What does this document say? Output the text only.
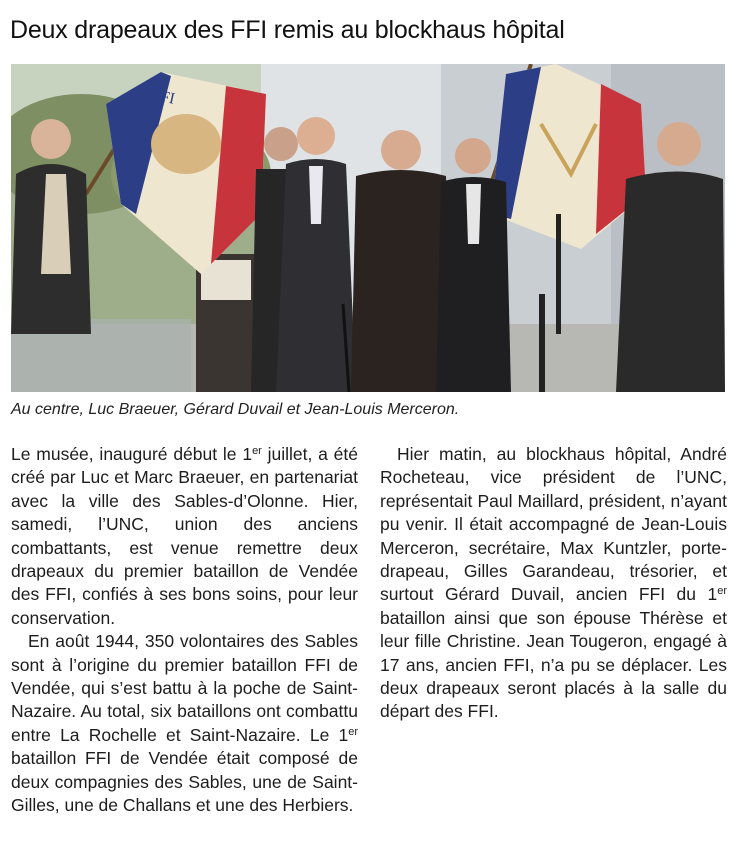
Deux drapeaux des FFI remis au blockhaus hôpital
FFI

Au centre, Luc Braeuer, Gérard Duvail et Jean-Louis Merceron.

Le musée, inauguré début le 1er juillet, a été créé par Luc et Marc Braeuer, en partenariat avec la ville des Sables-d’Olonne. Hier, samedi, l’UNC, union des anciens combattants, est venue remettre deux drapeaux du premier bataillon de Vendée des FFI, confiés à ses bons soins, pour leur conservation.

En août 1944, 350 volontaires des Sables sont à l’origine du premier bataillon FFI de Vendée, qui s’est battu à la poche de Saint-Nazaire. Au total, six bataillons ont combattu entre La Rochelle et Saint-Nazaire. Le 1er bataillon FFI de Vendée était composé de deux compagnies des Sables, une de Saint-Gilles, une de Challans et une des Herbiers.

Hier matin, au blockhaus hôpital, André Rocheteau, vice président de l’UNC, représentait Paul Maillard, président, n’ayant pu venir. Il était accompagné de Jean-Louis Merceron, secrétaire, Max Kuntzler, porte-drapeau, Gilles Garandeau, trésorier, et surtout Gérard Duvail, ancien FFI du 1er bataillon ainsi que son épouse Thérèse et leur fille Christine. Jean Tougeron, engagé à 17 ans, ancien FFI, n’a pu se déplacer. Les deux drapeaux seront placés à la salle du départ des FFI.
